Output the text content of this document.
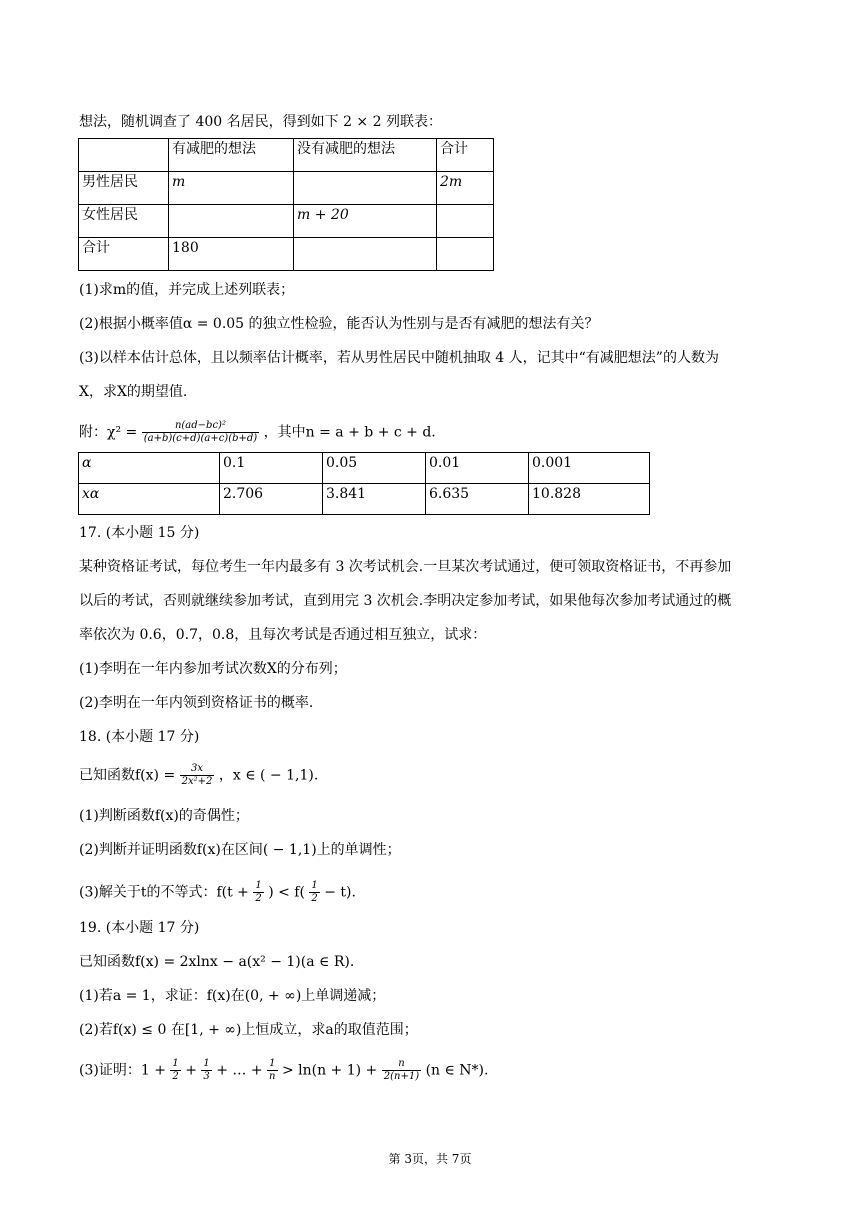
想法，随机调查了 400 名居民，得到如下 2 × 2 列联表：
	有减肥的想法	没有减肥的想法	合计
男性居民	m		2m
女性居民		m + 20	
合计	180		
(1)求m的值，并完成上述列联表；
(2)根据小概率值α = 0.05 的独立性检验，能否认为性别与是否有减肥的想法有关？
(3)以样本估计总体，且以频率估计概率，若从男性居民中随机抽取 4 人，记其中“有减肥想法”的人数为
X，求X的期望值.
附：$\chi^2 = \frac{\text{n(ad−bc)²}}{(a+b)(c+d)(a+c)(b+d)}$ ，其中n = a + b + c + d.
α	0.1	0.05	0.01	0.001
xα	2.706	3.841	6.635	10.828
17. (本小题 15 分)
某种资格证考试，每位考生一年内最多有 3 次考试机会.一旦某次考试通过，便可领取资格证书，不再参加
以后的考试，否则就继续参加考试，直到用完 3 次机会.李明决定参加考试，如果他每次参加考试通过的概
率依次为 0.6，0.7，0.8，且每次考试是否通过相互独立，试求：
(1)李明在一年内参加考试次数X的分布列；
(2)李明在一年内领到资格证书的概率.
18. (本小题 17 分)
已知函数$f(x) = \frac{3x}{\text{2x²+2}}$ ，x ∈ ( − 1,1).
(1)判断函数f(x)的奇偶性；
(2)判断并证明函数f(x)在区间( − 1,1)上的单调性；
(3)解关于t的不等式：$f(t + \frac{1}{2}$ ) < $f( \frac{1}{2} - t)$.
19. (本小题 17 分)
已知函数f(x) = 2xlnx − a(x² − 1)(a ∈ R).
(1)若a = 1，求证：f(x)在(0, + ∞)上单调递减；
(2)若f(x) ≤ 0 在[1, + ∞)上恒成立，求a的取值范围；
(3)证明：$1 + \frac{1}{2} + \frac{1}{3}$ + … + $\frac{1}{n} > \ln(n + 1) + \frac{n}{2(n+1)} (n$ ∈ N*).
第 3页，共 7页
